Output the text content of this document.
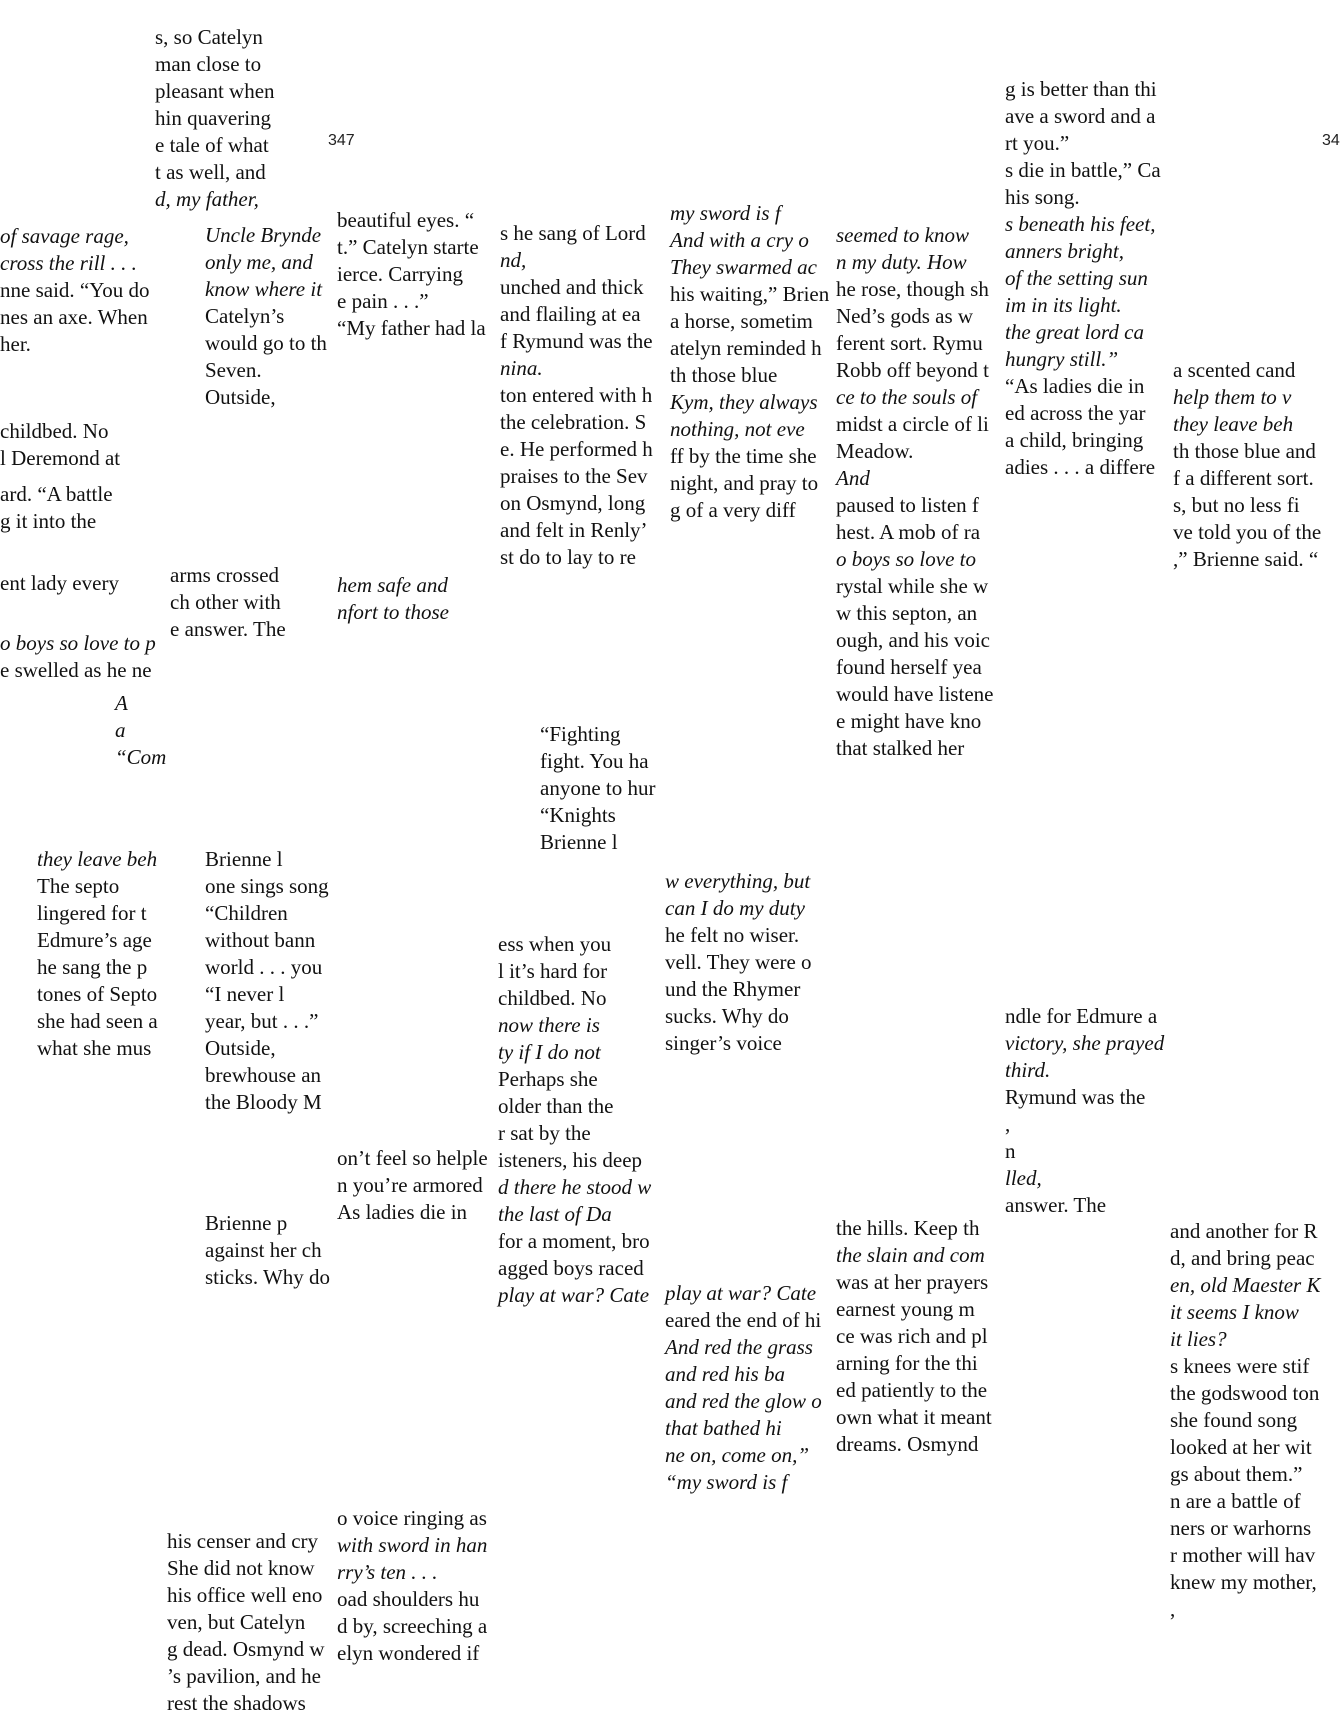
347	34
s, so Catelyn
man close to
pleasant when
hin quavering
e tale of what
t as well, and
d, my father,
of savage rage,
cross the rill . . .
nne said. “You do
nes an axe. When
her.
childbed. No
l Deremond at
ard. “A battle
g it into the
ent lady every
o boys so love to p
e swelled as he ne
A
a
“Com
they leave beh
The septo
lingered for t
Edmure’s age
he sang the p
tones of Septo
she had seen a
what she mus
Uncle Brynde
only me, and
know where it
Catelyn’s
would go to th
Seven.
Outside,
arms crossed
ch other with
e answer. The
Brienne l
one sings song
“Children
without bann
world . . . you
“I never l
year, but . . .”
Outside,
brewhouse an
the Bloody M
Brienne p
against her ch
sticks. Why do
his censer and cry
She did not know
his office well eno
ven, but Catelyn
g dead. Osmynd w
’s pavilion, and he
rest the shadows
beautiful eyes. “
t.” Catelyn starte
ierce. Carrying
e pain . . .”
“My father had la
hem safe and
nfort to those
on’t feel so helple
n you’re armored
As ladies die in
o voice ringing as
with sword in han
rry’s ten . . .
oad shoulders hu
d by, screeching a
elyn wondered if
s he sang of Lord
nd,
unched and thick
and flailing at ea
f Rymund was the
nina.
ton entered with h
the celebration. S
e. He performed h
praises to the Sev
on Osmynd, long
and felt in Renly’
st do to lay to re
“Fighting
fight. You ha
anyone to hur
“Knights
Brienne l
ess when you
l it’s hard for
childbed. No
now there is
ty if I do not
Perhaps she
older than the
r sat by the
isteners, his deep
d there he stood w
the last of Da
for a moment, bro
agged boys raced
play at war? Cate
my sword is f
And with a cry o
They swarmed ac
his waiting,” Brien
a horse, sometim
atelyn reminded h
th those blue
Kym, they always
nothing, not eve
ff by the time she
night, and pray to
g of a very diff
w everything, but
can I do my duty
he felt no wiser.
vell. They were o
und the Rhymer
sucks. Why do
singer’s voice
play at war? Cate
eared the end of hi
And red the grass
and red his ba
and red the glow o
that bathed hi
ne on, come on,”
“my sword is f
seemed to know
n my duty. How
he rose, though sh
Ned’s gods as w
ferent sort. Rymu
Robb off beyond t
ce to the souls of
midst a circle of li
Meadow.
And
paused to listen f
hest. A mob of ra
o boys so love to
rystal while she w
w this septon, an
ough, and his voic
found herself yea
would have listene
e might have kno
that stalked her
the hills. Keep th
the slain and com
was at her prayers
earnest young m
ce was rich and pl
arning for the thi
ed patiently to the
own what it meant
dreams. Osmynd
g is better than thi
ave a sword and a
rt you.”
s die in battle,” Ca
his song.
s beneath his feet,
anners bright,
of the setting sun
im in its light.
the great lord ca
hungry still.”
“As ladies die in
ed across the yar
a child, bringing
adies . . . a differe
ndle for Edmure a
victory, she prayed
third.
Rymund was the
,
n
lled,
answer. The
a scented cand
help them to v
they leave beh
th those blue and
f a different sort.
s, but no less fi
ve told you of the
,” Brienne said. “
and another for R
d, and bring peac
en, old Maester K
it seems I know
it lies?
s knees were stif
the godswood ton
she found song
looked at her wit
gs about them.”
n are a battle of
ners or warhorns
r mother will hav
knew my mother,
,
